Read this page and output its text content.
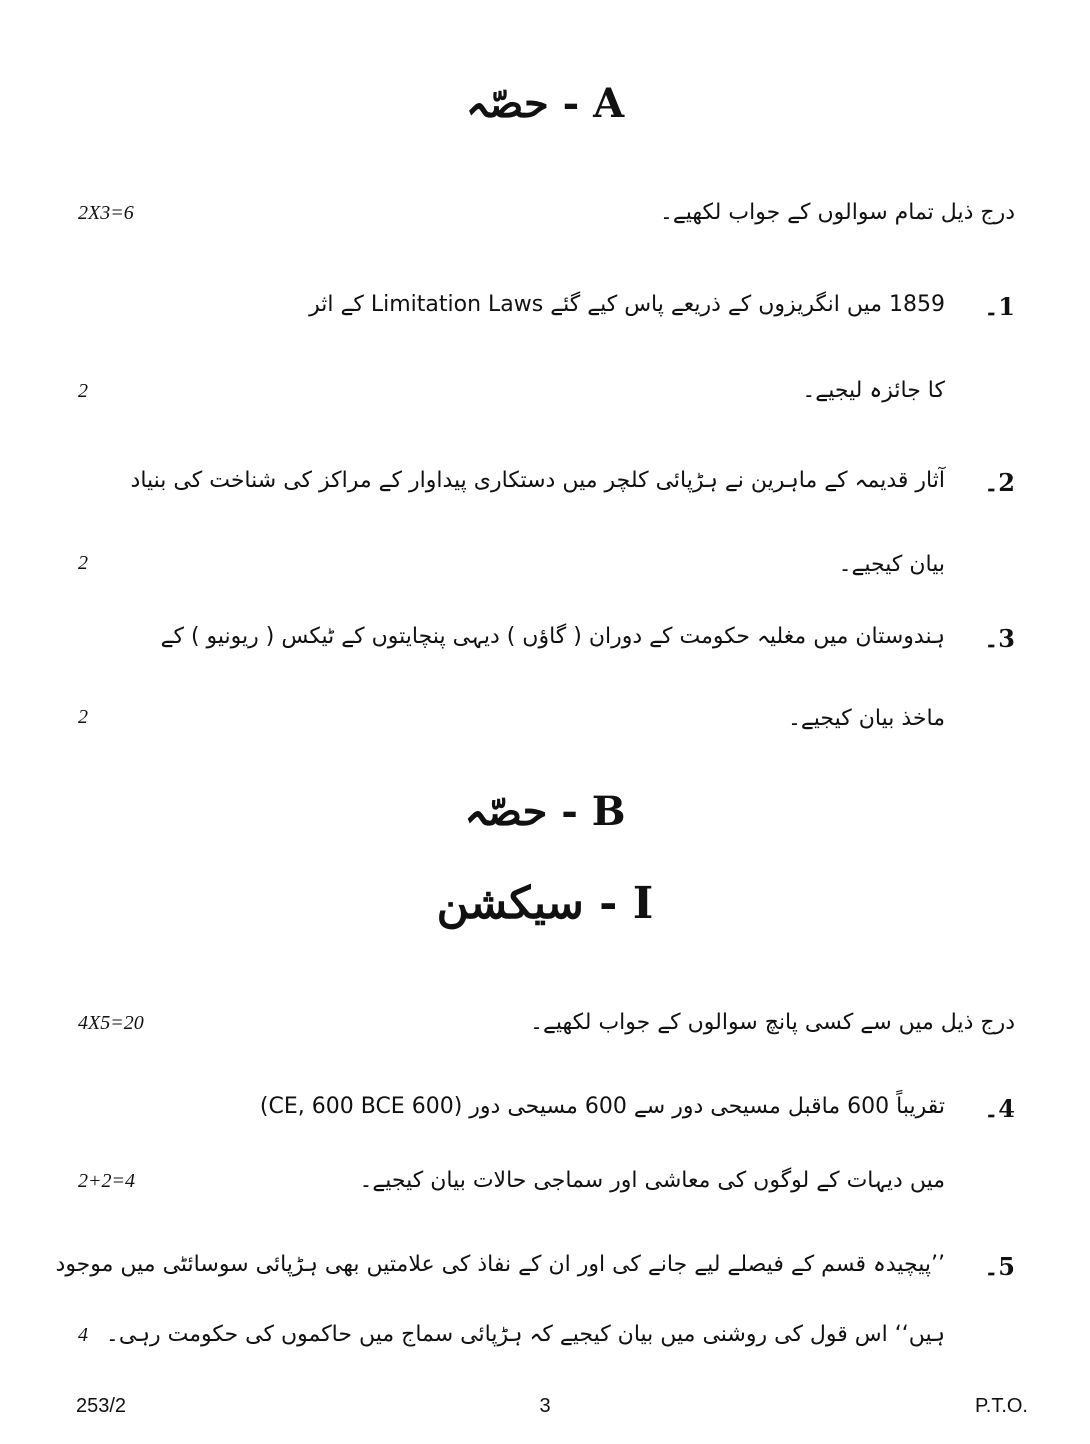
حصّہ - A
درج ذیل تمام سوالوں کے جواب لکھیے۔
2X3=6
1۔
1859 میں انگریزوں کے ذریعے پاس کیے گئے Limitation Laws کے اثر
کا جائزہ لیجیے۔
2
2۔
آثار قدیمہ کے ماہرین نے ہڑپائی کلچر میں دستکاری پیداوار کے مراکز کی شناخت کی بنیاد
بیان کیجیے۔
2
3۔
ہندوستان میں مغلیہ حکومت کے دوران ( گاؤں ) دیہی پنچایتوں کے ٹیکس ( ریونیو ) کے
ماخذ بیان کیجیے۔
2
حصّہ - B
سیکشن - I
درج ذیل میں سے کسی پانچ سوالوں کے جواب لکھیے۔
4X5=20
4۔
تقریباً 600 ماقبل مسیحی دور سے 600 مسیحی دور (600 CE, 600 BCE)
میں دیہات کے لوگوں کی معاشی اور سماجی حالات بیان کیجیے۔
2+2=4
5۔
’’پیچیدہ قسم کے فیصلے لیے جانے کی اور ان کے نفاذ کی علامتیں بھی ہڑپائی سوسائٹی میں موجود
ہیں‘‘ اس قول کی روشنی میں بیان کیجیے کہ ہڑپائی سماج میں حاکموں کی حکومت رہی۔
4
253/2	3	P.T.O.
